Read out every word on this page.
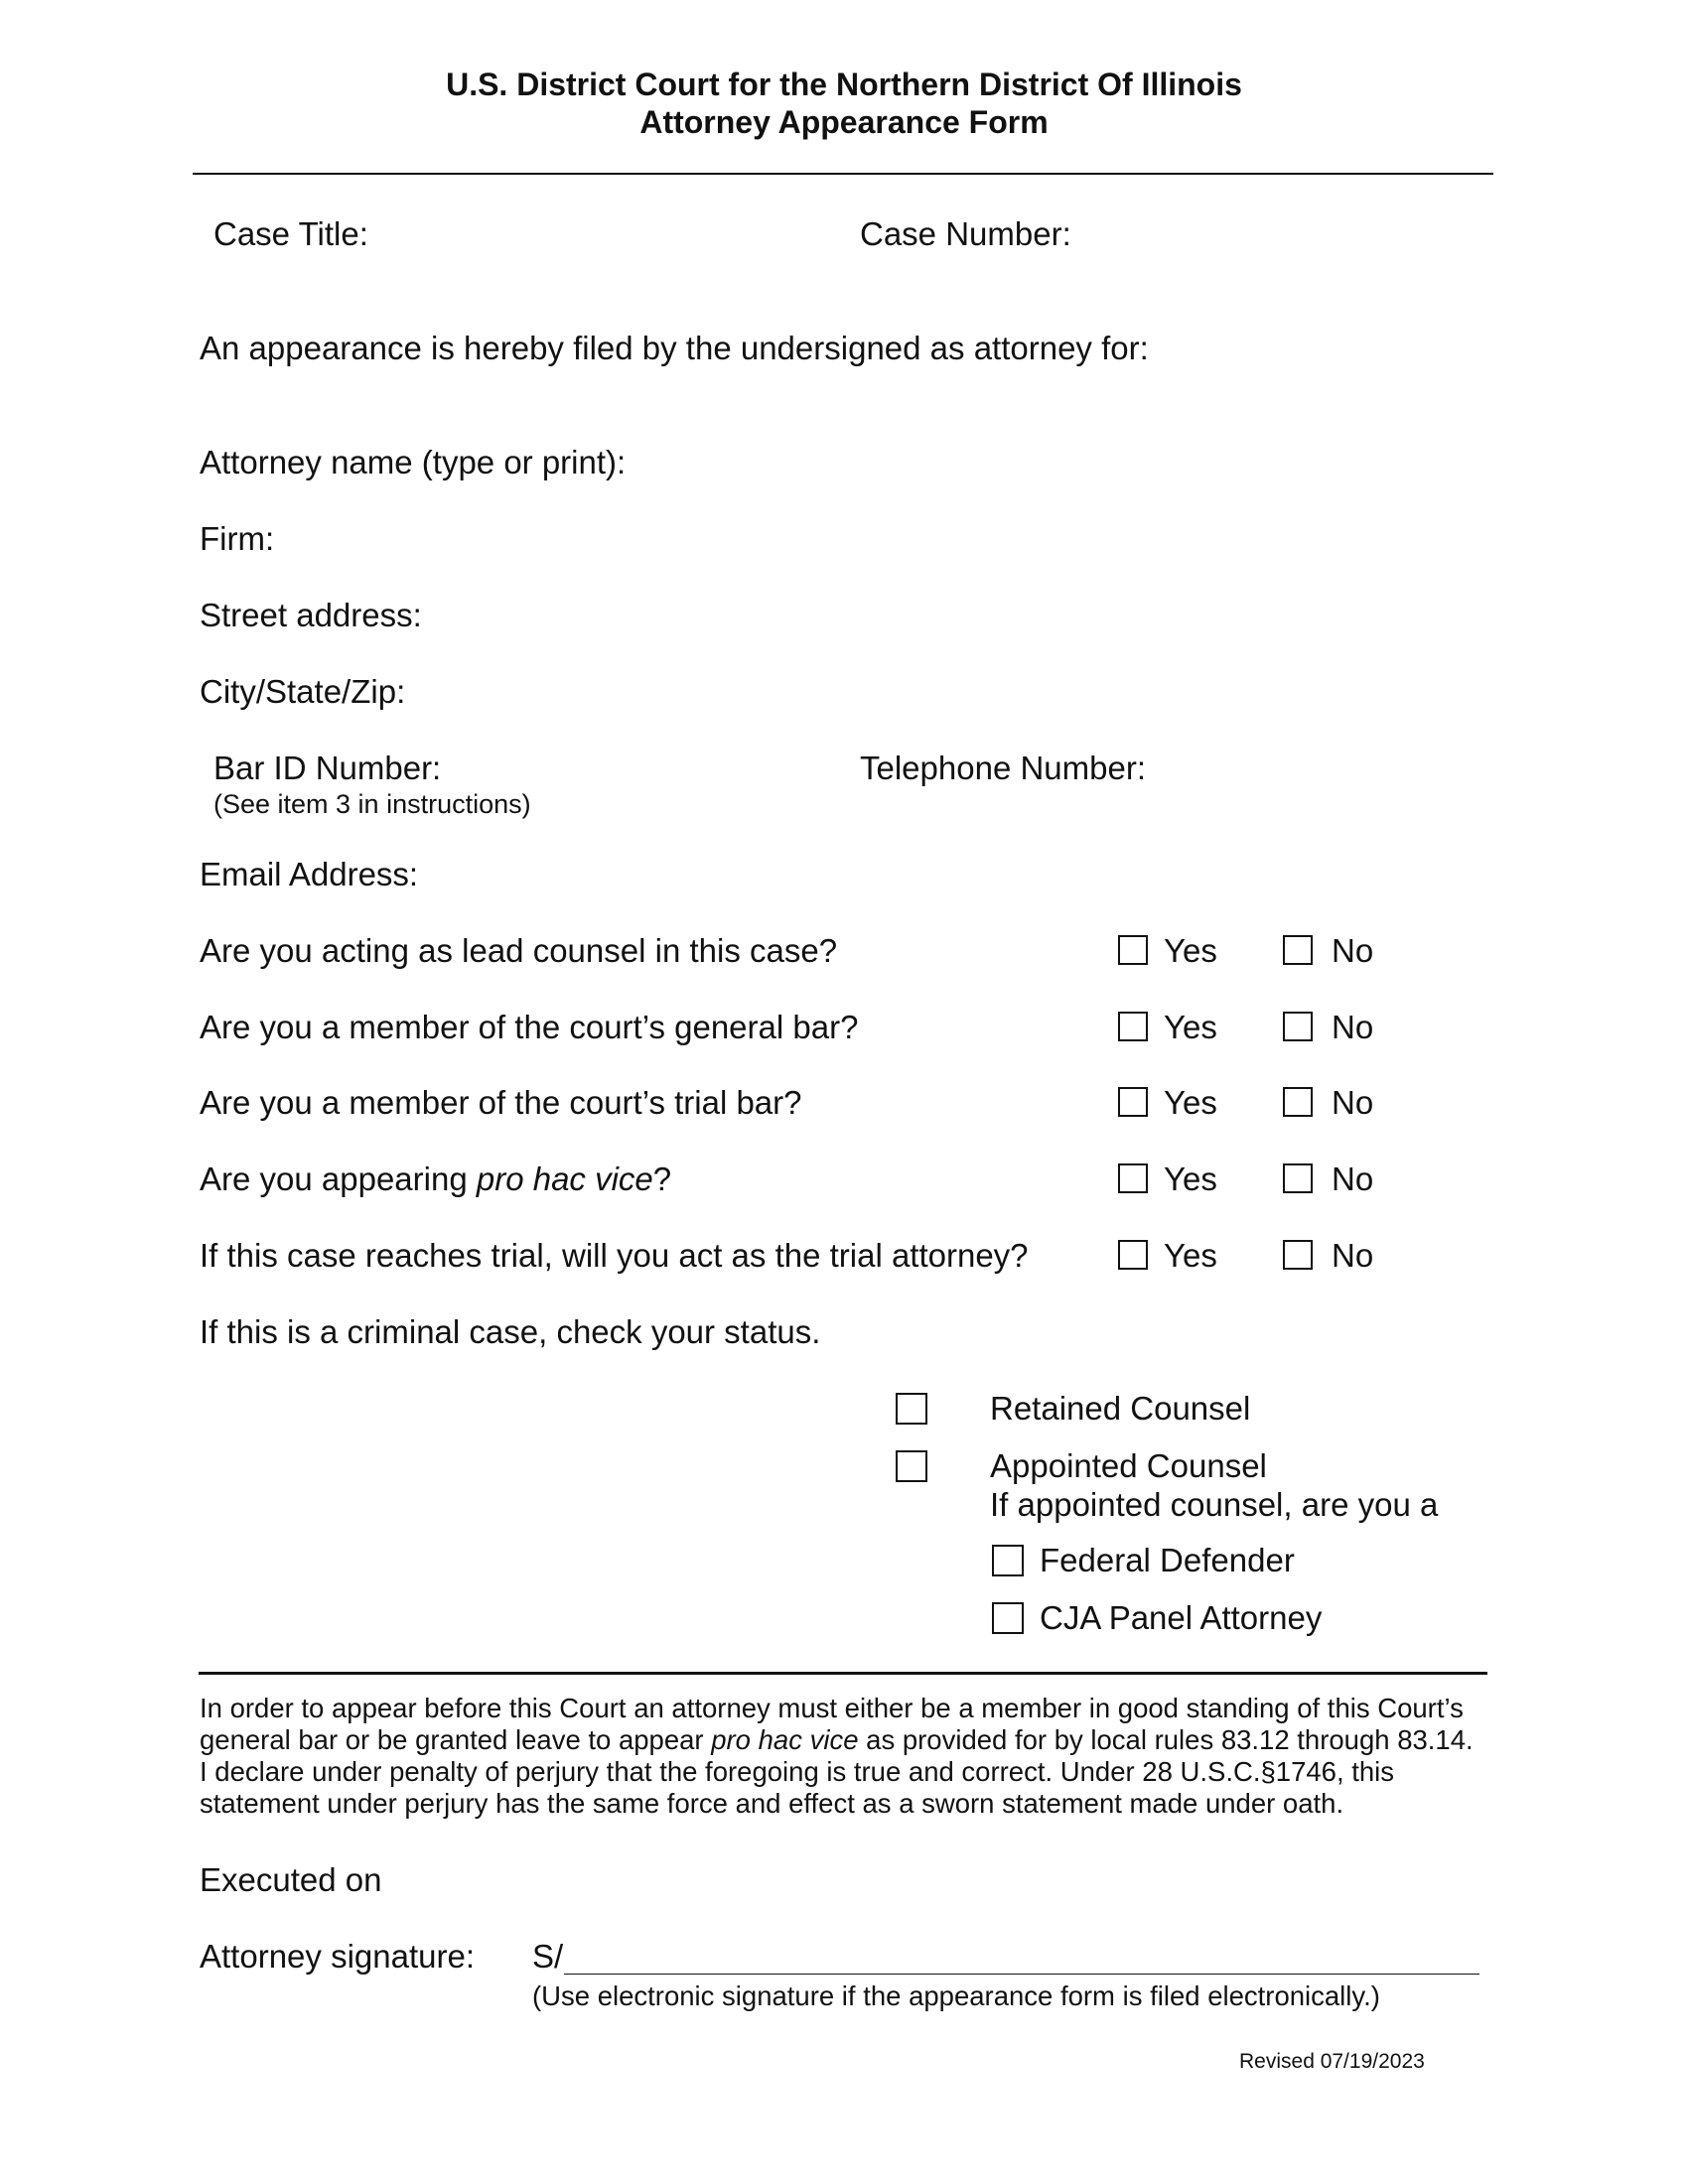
U.S. District Court for the Northern District Of Illinois
Attorney Appearance Form
Case Title:	Case Number:
An appearance is hereby filed by the undersigned as attorney for:
Attorney name (type or print):
Firm:
Street address:
City/State/Zip:
Bar ID Number:
(See item 3 in instructions)
Telephone Number:
Email Address:
Are you acting as lead counsel in this case?	Yes	No
Are you a member of the court’s general bar?	Yes	No
Are you a member of the court’s trial bar?	Yes	No
Are you appearing pro hac vice?	Yes	No
If this case reaches trial, will you act as the trial attorney?	Yes	No
If this is a criminal case, check your status.
Retained Counsel
Appointed Counsel
If appointed counsel, are you a
Federal Defender
CJA Panel Attorney
In order to appear before this Court an attorney must either be a member in good standing of this Court’s
general bar or be granted leave to appear pro hac vice as provided for by local rules 83.12 through 83.14.
I declare under penalty of perjury that the foregoing is true and correct. Under 28 U.S.C.§1746, this
statement under perjury has the same force and effect as a sworn statement made under oath.
Executed on
Attorney signature: S/
(Use electronic signature if the appearance form is filed electronically.)
Revised 07/19/2023
